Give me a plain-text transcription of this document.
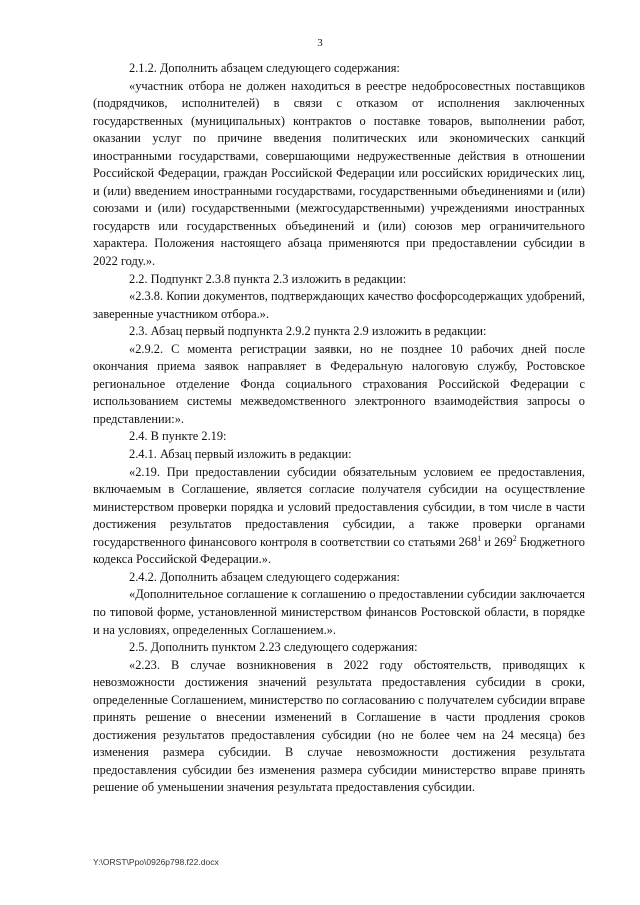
3

2.1.2. Дополнить абзацем следующего содержания:

«участник отбора не должен находиться в реестре недобросовестных поставщиков (подрядчиков, исполнителей) в связи с отказом от исполнения заключенных государственных (муниципальных) контрактов о поставке товаров, выполнении работ, оказании услуг по причине введения политических или экономических санкций иностранными государствами, совершающими недружественные действия в отношении Российской Федерации, граждан Российской Федерации или российских юридических лиц, и (или) введением иностранными государствами, государственными объединениями и (или) союзами и (или) государственными (межгосударственными) учреждениями иностранных государств или государственных объединений и (или) союзов мер ограничительного характера. Положения настоящего абзаца применяются при предоставлении субсидии в 2022 году.».

2.2. Подпункт 2.3.8 пункта 2.3 изложить в редакции:

«2.3.8. Копии документов, подтверждающих качество фосфорсодержащих удобрений, заверенные участником отбора.».

2.3. Абзац первый подпункта 2.9.2 пункта 2.9 изложить в редакции:

«2.9.2. С момента регистрации заявки, но не позднее 10 рабочих дней после окончания приема заявок направляет в Федеральную налоговую службу, Ростовское региональное отделение Фонда социального страхования Российской Федерации с использованием системы межведомственного электронного взаимодействия запросы о представлении:».

2.4. В пункте 2.19:

2.4.1. Абзац первый изложить в редакции:

«2.19. При предоставлении субсидии обязательным условием ее предоставления, включаемым в Соглашение, является согласие получателя субсидии на осуществление министерством проверки порядка и условий предоставления субсидии, в том числе в части достижения результатов предоставления субсидии, а также проверки органами государственного финансового контроля в соответствии со статьями $268^1$ и $269^2$ Бюджетного кодекса Российской Федерации.».

2.4.2. Дополнить абзацем следующего содержания:

«Дополнительное соглашение к соглашению о предоставлении субсидии заключается по типовой форме, установленной министерством финансов Ростовской области, в порядке и на условиях, определенных Соглашением.».

2.5. Дополнить пунктом 2.23 следующего содержания:

«2.23. В случае возникновения в 2022 году обстоятельств, приводящих к невозможности достижения значений результата предоставления субсидии в сроки, определенные Соглашением, министерство по согласованию с получателем субсидии вправе принять решение о внесении изменений в Соглашение в части продления сроков достижения результатов предоставления субсидии (но не более чем на 24 месяца) без изменения размера субсидии. В случае невозможности достижения результата предоставления субсидии без изменения размера субсидии министерство вправе принять решение об уменьшении значения результата предоставления субсидии.

Y:\ORST\Ppo\0926p798.f22.docx
